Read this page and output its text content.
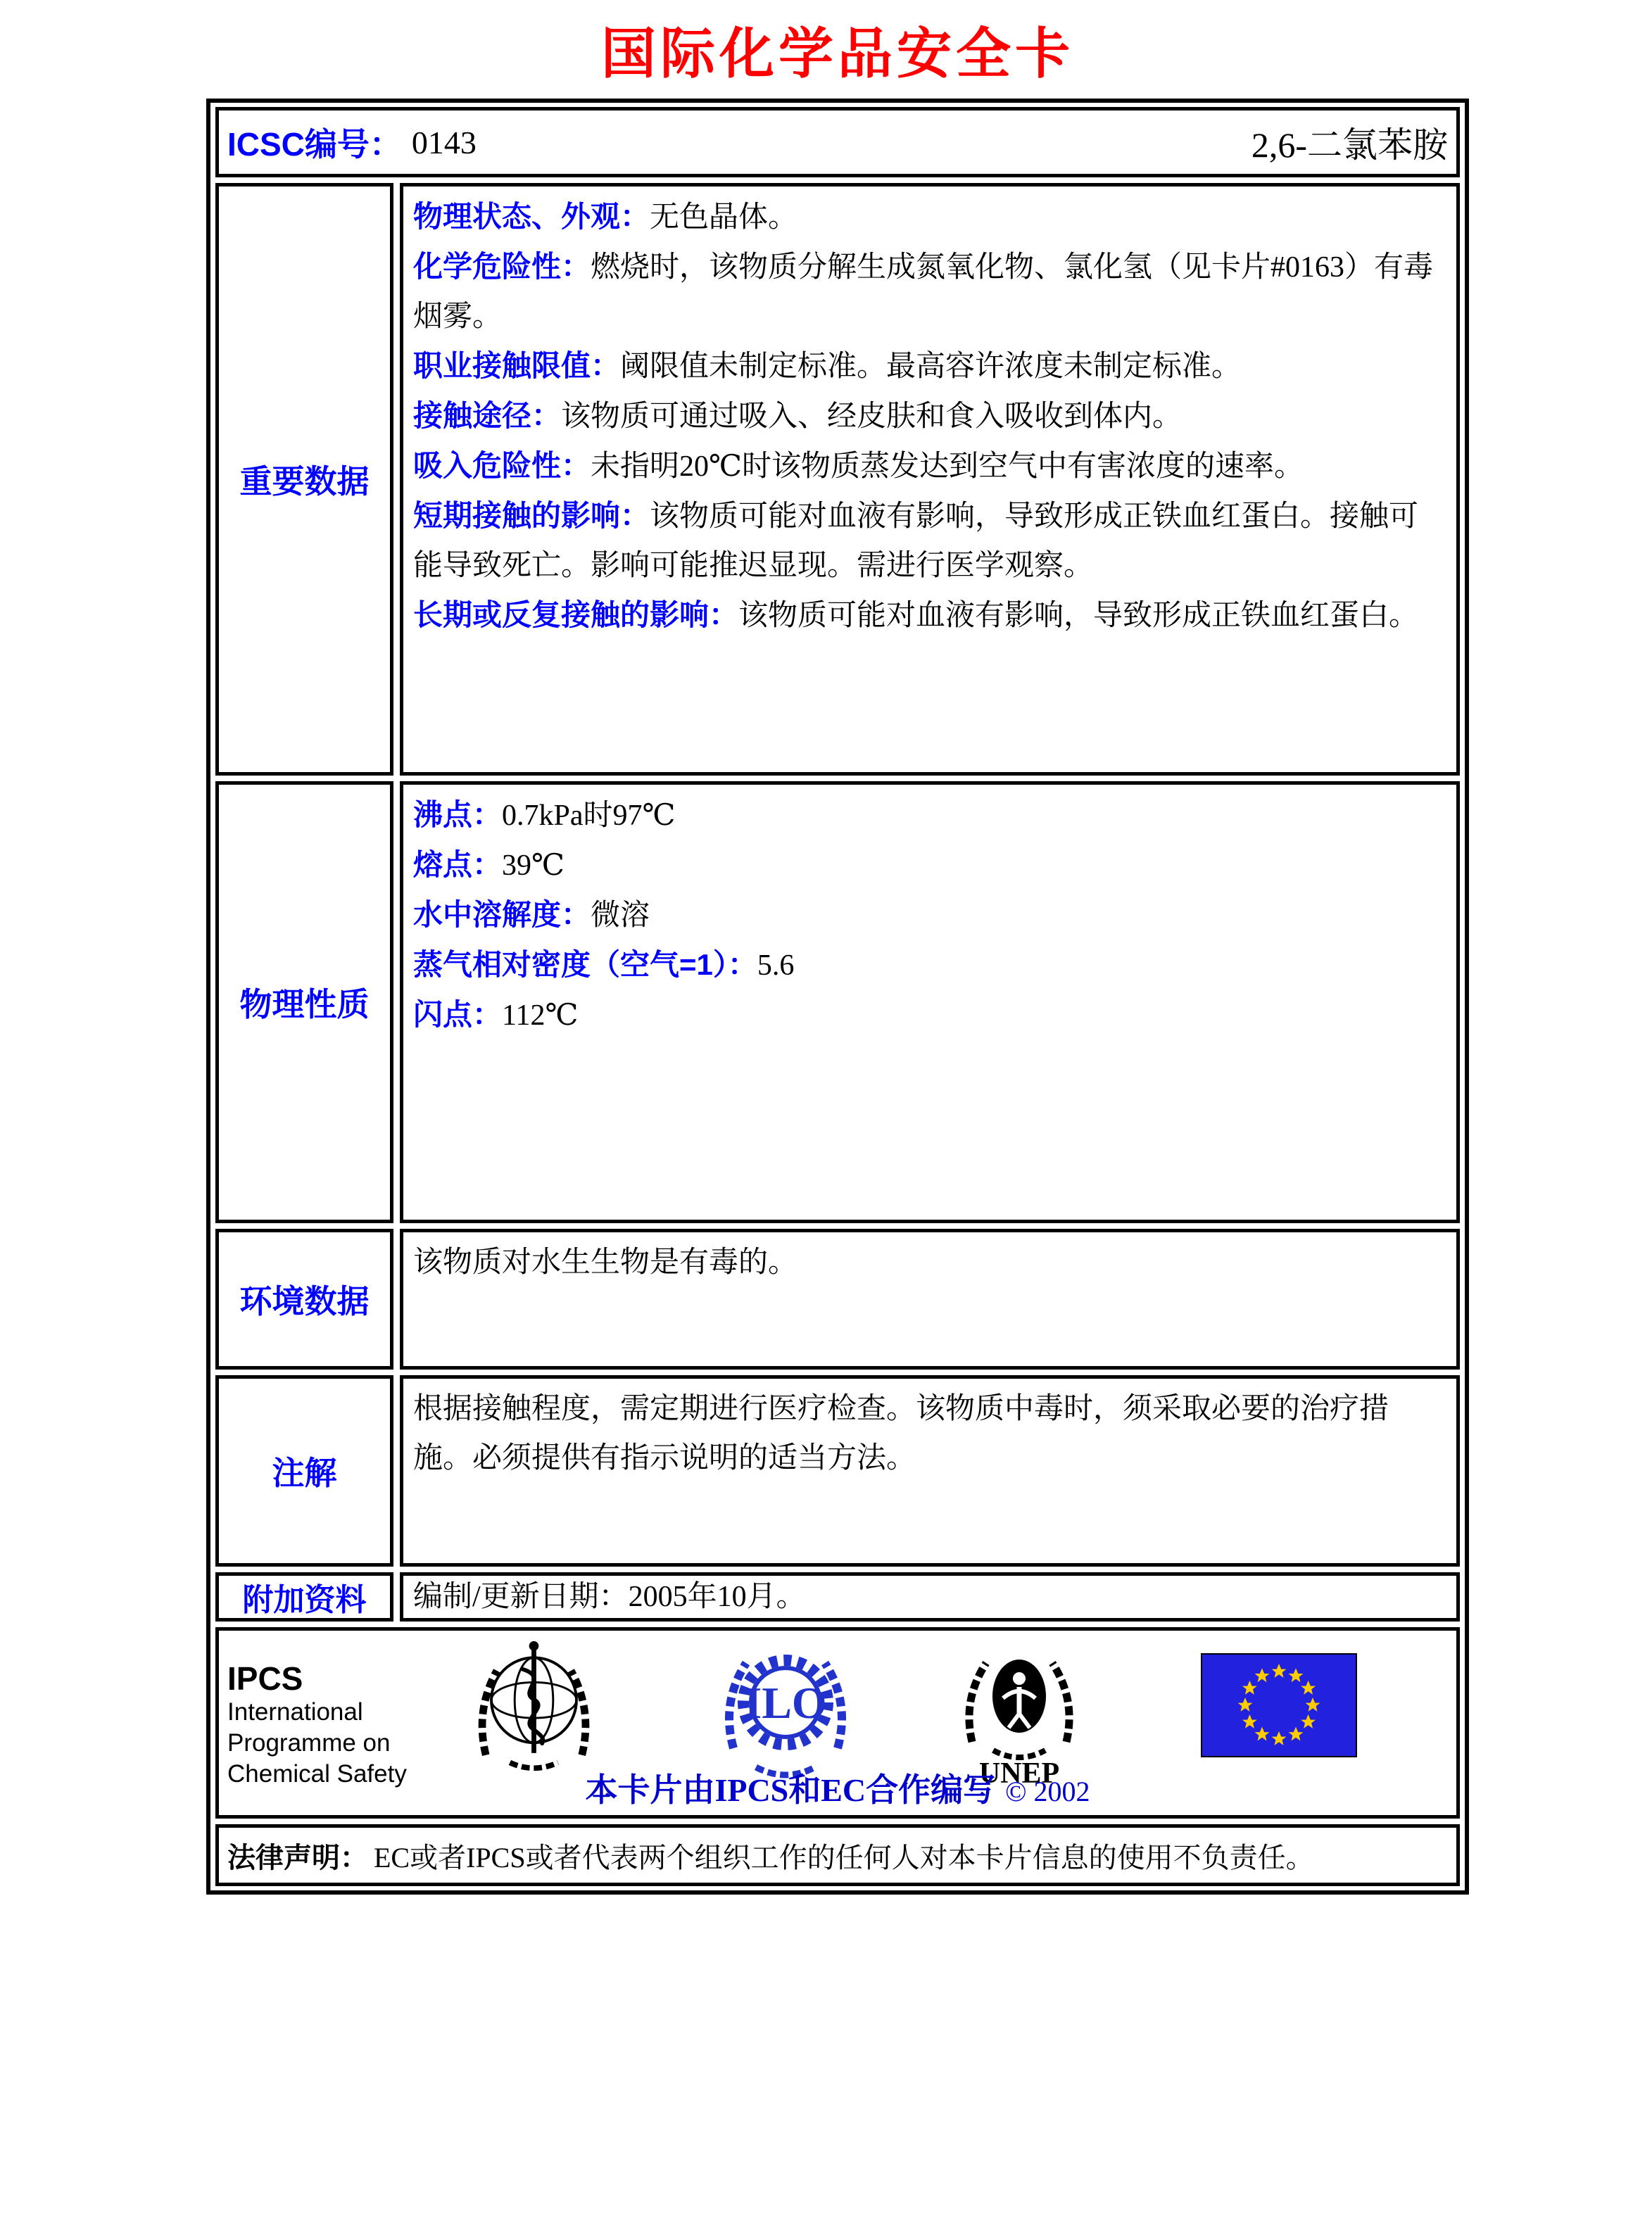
国际化学品安全卡
ICSC编号： 0143	2,6-二氯苯胺
重要数据

物理状态、外观：无色晶体。

化学危险性：燃烧时，该物质分解生成氮氧化物、氯化氢（见卡片#0163）有毒烟雾。

职业接触限值：阈限值未制定标准。最高容许浓度未制定标准。

接触途径：该物质可通过吸入、经皮肤和食入吸收到体内。

吸入危险性：未指明20℃时该物质蒸发达到空气中有害浓度的速率。

短期接触的影响：该物质可能对血液有影响，导致形成正铁血红蛋白。接触可能导致死亡。影响可能推迟显现。需进行医学观察。

长期或反复接触的影响：该物质可能对血液有影响，导致形成正铁血红蛋白。

物理性质

沸点：0.7kPa时97℃

熔点：39℃

水中溶解度：微溶

蒸气相对密度（空气=1）：5.6

闪点：112℃

环境数据

该物质对水生生物是有毒的。

注解

根据接触程度，需定期进行医疗检查。该物质中毒时，须采取必要的治疗措施。必须提供有指示说明的适当方法。

附加资料	编制/更新日期：2005年10月。
IPCS
International
Programme on
Chemical Safety
ILO
UNEP
本卡片由IPCS和EC合作编写 © 2002
法律声明： EC或者IPCS或者代表两个组织工作的任何人对本卡片信息的使用不负责任。
